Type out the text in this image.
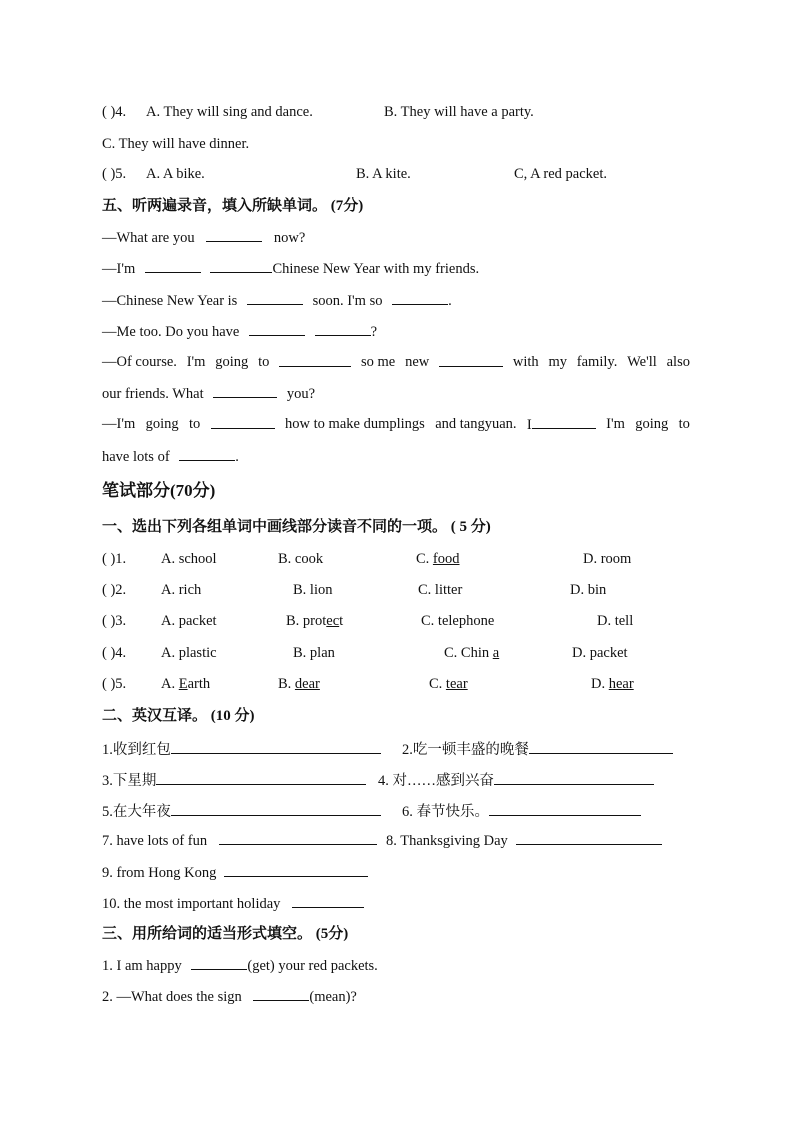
( )4. A. They will sing and dance.	B. They will have a party.
C. They will have dinner.
( )5. A. A bike.	B. A kite.	C, A red packet.
五、听两遍录音，填入所缺单词。 (7分)
—What are you	now?
—I'm	Chinese New Year with my friends.
—Chinese New Year is	soon. I'm so	.
—Me too. Do you have	?
—Of course. I'm going to	so me new	with my family. We'll also
our friends. What	you?
—I'm going to	how to make dumplings and tangyuan. I	I'm going to
have lots of	.
笔试部分(70分)
一、选出下列各组单词中画线部分读音不同的一项。 ( 5 分)
( )1. A. school	B. cook	C. food	D. room
( )2. A. rich	B. lion	C. litter	D. bin
( )3. A. packet	B. protect	C. telephone	D. tell
( )4. A. plastic	B. plan	C. Chin a	D. packet
( )5. A. Earth	B. dear	C. tear	D. hear
二、英汉互译。 (10 分)
1.收到红包	2.吃一顿丰盛的晚餐
3.下星期	4. 对……感到兴奋
5.在大年夜	6. 春节快乐。
7. have lots of fun	8. Thanksgiving Day
9. from Hong Kong
10. the most important holiday
三、用所给词的适当形式填空。 (5分)
1. I am happy	(get) your red packets.
2. —What does the sign	(mean)?
